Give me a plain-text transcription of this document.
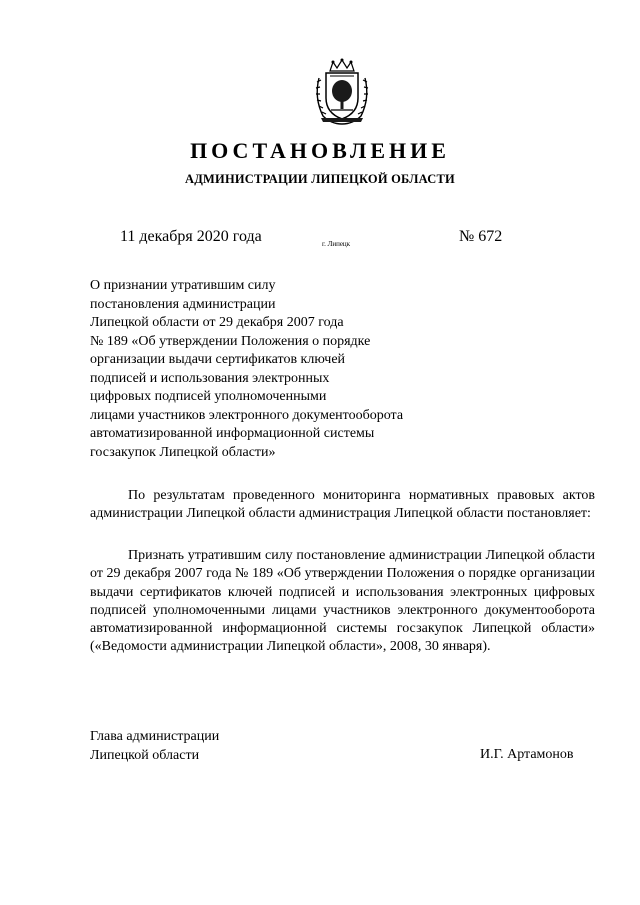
ПОСТАНОВЛЕНИЕ
АДМИНИСТРАЦИИ ЛИПЕЦКОЙ ОБЛАСТИ
11 декабря 2020 года	г. Липецк	№ 672
О признании утратившим силу
постановления администрации
Липецкой области от 29 декабря 2007 года
№ 189 «Об утверждении Положения о порядке
организации выдачи сертификатов ключей
подписей и использования электронных
цифровых подписей уполномоченными
лицами участников электронного документооборота
автоматизированной информационной системы
госзакупок Липецкой области»

По результатам проведенного мониторинга нормативных правовых актов администрации Липецкой области администрация Липецкой области постановляет:

Признать утратившим силу постановление администрации Липецкой области от 29 декабря 2007 года № 189 «Об утверждении Положения о порядке организации выдачи сертификатов ключей подписей и использования электронных цифровых подписей уполномоченными лицами участников электронного документооборота автоматизированной информационной системы госзакупок Липецкой области» («Ведомости администрации Липецкой области», 2008, 30 января).

Глава администрации
Липецкой области	И.Г. Артамонов
